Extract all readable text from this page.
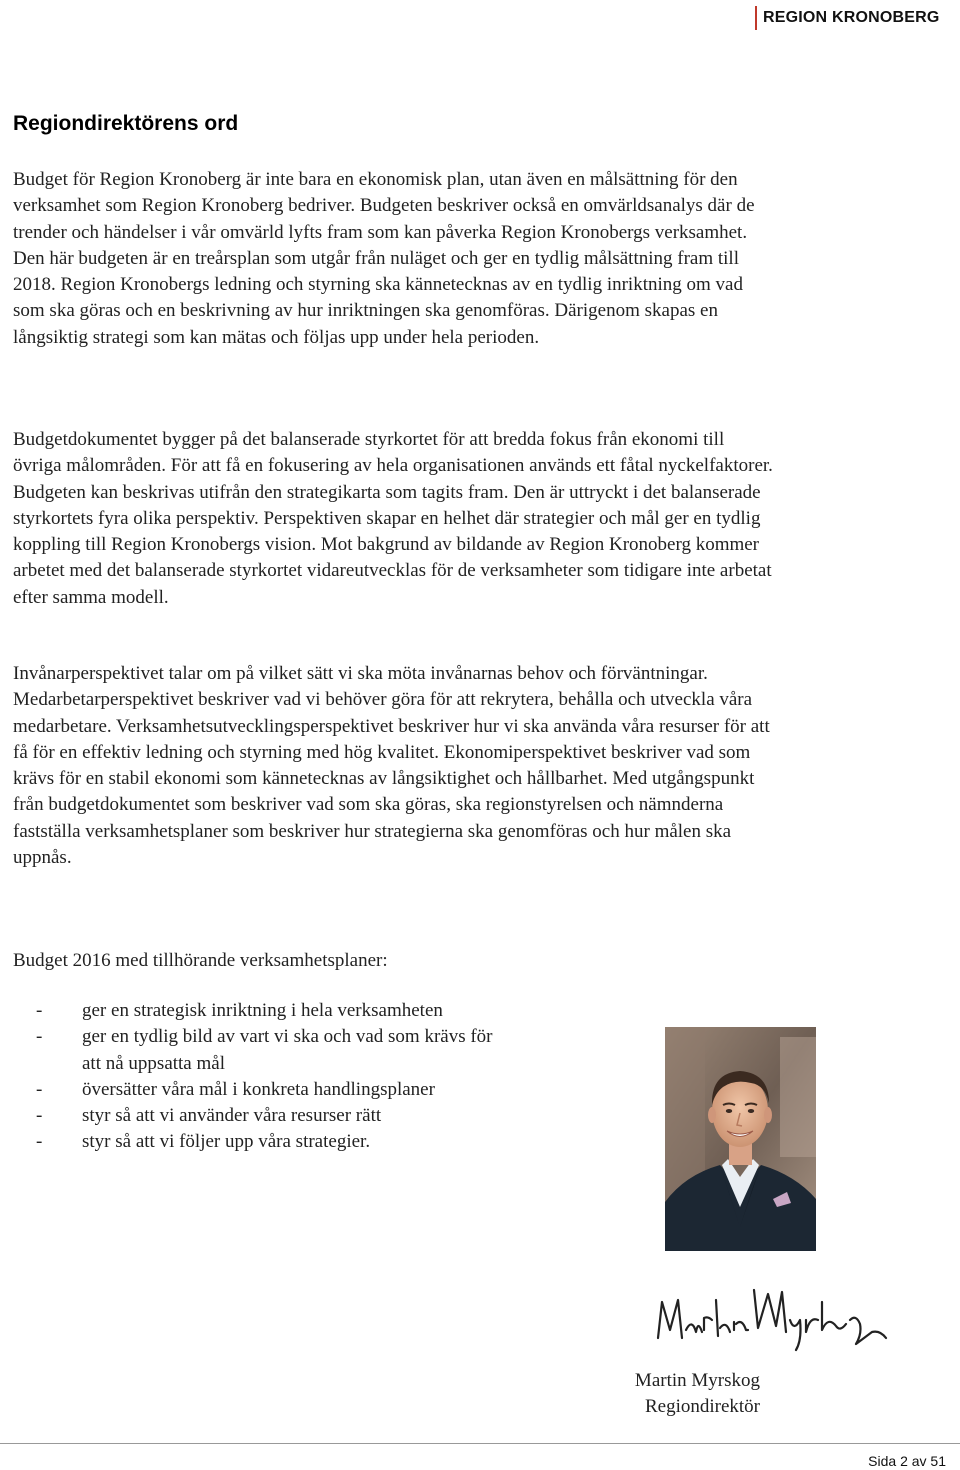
REGION KRONOBERG
Regiondirektörens ord

Budget för Region Kronoberg är inte bara en ekonomisk plan, utan även en målsättning för den verksamhet som Region Kronoberg bedriver. Budgeten beskriver också en omvärldsanalys där de trender och händelser i vår omvärld lyfts fram som kan påverka Region Kronobergs verksamhet. Den här budgeten är en treårsplan som utgår från nuläget och ger en tydlig målsättning fram till 2018. Region Kronobergs ledning och styrning ska kännetecknas av en tydlig inriktning om vad som ska göras och en beskrivning av hur inriktningen ska genomföras. Därigenom skapas en långsiktig strategi som kan mätas och följas upp under hela perioden.

Budgetdokumentet bygger på det balanserade styrkortet för att bredda fokus från ekonomi till övriga målområden. För att få en fokusering av hela organisationen används ett fåtal nyckelfaktorer. Budgeten kan beskrivas utifrån den strategikarta som tagits fram. Den är uttryckt i det balanserade styrkortets fyra olika perspektiv. Perspektiven skapar en helhet där strategier och mål ger en tydlig koppling till Region Kronobergs vision. Mot bakgrund av bildande av Region Kronoberg kommer arbetet med det balanserade styrkortet vidareutvecklas för de verksamheter som tidigare inte arbetat efter samma modell.

Invånarperspektivet talar om på vilket sätt vi ska möta invånarnas behov och förväntningar. Medarbetarperspektivet beskriver vad vi behöver göra för att rekrytera, behålla och utveckla våra medarbetare. Verksamhetsutvecklingsperspektivet beskriver hur vi ska använda våra resurser för att få för en effektiv ledning och styrning med hög kvalitet. Ekonomiperspektivet beskriver vad som krävs för en stabil ekonomi som kännetecknas av långsiktighet och hållbarhet. Med utgångspunkt från budgetdokumentet som beskriver vad som ska göras, ska regionstyrelsen och nämnderna fastställa verksamhetsplaner som beskriver hur strategierna ska genomföras och hur målen ska uppnås.

Budget 2016 med tillhörande verksamhetsplaner:

- ger en strategisk inriktning i hela verksamheten
- ger en tydlig bild av vart vi ska och vad som krävs för att nå uppsatta mål
- översätter våra mål i konkreta handlingsplaner
- styr så att vi använder våra resurser rätt
- styr så att vi följer upp våra strategier.
Martin Myrskog
Regiondirektör
Sida 2 av 51
